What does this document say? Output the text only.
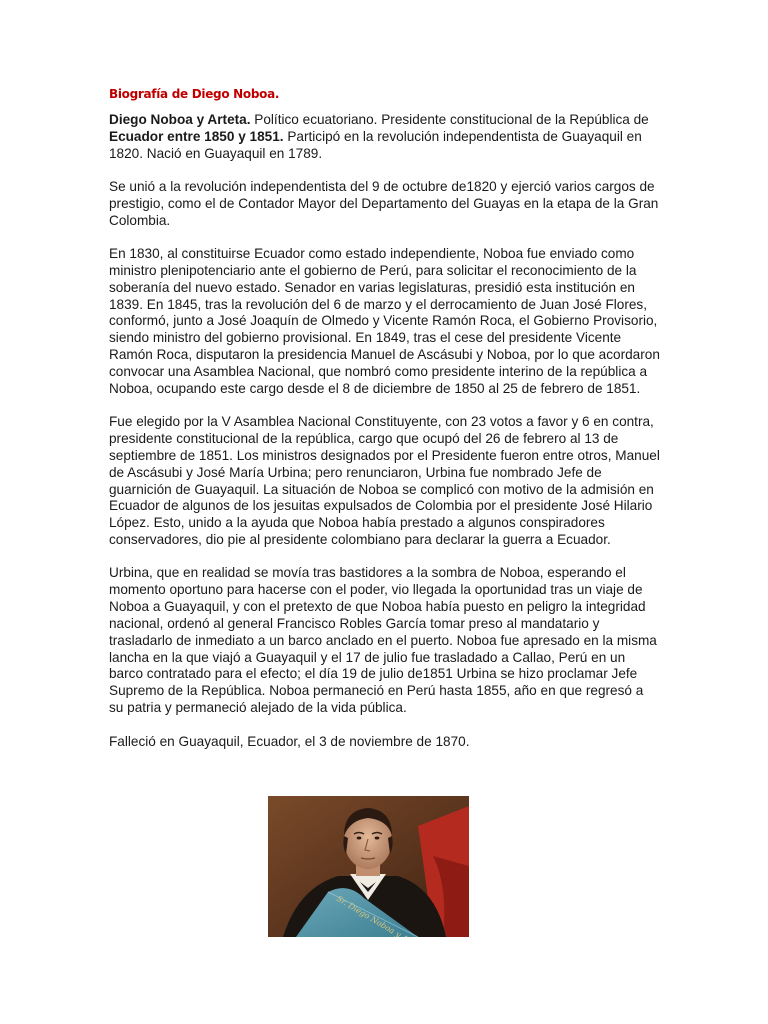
Biografía de Diego Noboa.

Diego Noboa y Arteta. Político ecuatoriano. Presidente constitucional de la República de Ecuador entre 1850 y 1851. Participó en la revolución independentista de Guayaquil en 1820. Nació en Guayaquil en 1789.

Se unió a la revolución independentista del 9 de octubre de1820 y ejerció varios cargos de prestigio, como el de Contador Mayor del Departamento del Guayas en la etapa de la Gran Colombia.

En 1830, al constituirse Ecuador como estado independiente, Noboa fue enviado como ministro plenipotenciario ante el gobierno de Perú, para solicitar el reconocimiento de la soberanía del nuevo estado. Senador en varias legislaturas, presidió esta institución en 1839. En 1845, tras la revolución del 6 de marzo y el derrocamiento de Juan José Flores, conformó, junto a José Joaquín de Olmedo y Vicente Ramón Roca, el Gobierno Provisorio, siendo ministro del gobierno provisional. En 1849, tras el cese del presidente Vicente Ramón Roca, disputaron la presidencia Manuel de Ascásubi y Noboa, por lo que acordaron convocar una Asamblea Nacional, que nombró como presidente interino de la república a Noboa, ocupando este cargo desde el 8 de diciembre de 1850 al 25 de febrero de 1851.

Fue elegido por la V Asamblea Nacional Constituyente, con 23 votos a favor y 6 en contra, presidente constitucional de la república, cargo que ocupó del 26 de febrero al 13 de septiembre de 1851. Los ministros designados por el Presidente fueron entre otros, Manuel de Ascásubi y José María Urbina; pero renunciaron, Urbina fue nombrado Jefe de guarnición de Guayaquil. La situación de Noboa se complicó con motivo de la admisión en Ecuador de algunos de los jesuitas expulsados de Colombia por el presidente José Hilario López. Esto, unido a la ayuda que Noboa había prestado a algunos conspiradores conservadores, dio pie al presidente colombiano para declarar la guerra a Ecuador.

Urbina, que en realidad se movía tras bastidores a la sombra de Noboa, esperando el momento oportuno para hacerse con el poder, vio llegada la oportunidad tras un viaje de Noboa a Guayaquil, y con el pretexto de que Noboa había puesto en peligro la integridad nacional, ordenó al general Francisco Robles García tomar preso al mandatario y trasladarlo de inmediato a un barco anclado en el puerto. Noboa fue apresado en la misma lancha en la que viajó a Guayaquil y el 17 de julio fue trasladado a Callao, Perú en un barco contratado para el efecto; el día 19 de julio de1851 Urbina se hizo proclamar Jefe Supremo de la República. Noboa permaneció en Perú hasta 1855, año en que regresó a su patria y permaneció alejado de la vida pública.

Falleció en Guayaquil, Ecuador, el 3 de noviembre de 1870.

Sr. Diego Noboa y
